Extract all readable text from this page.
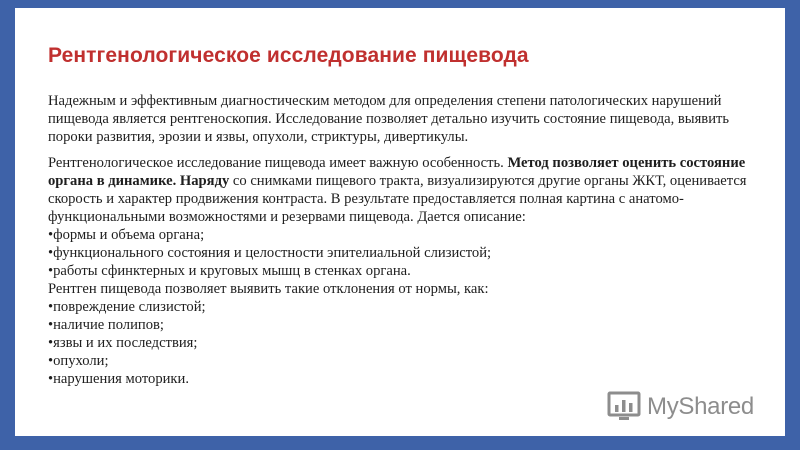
Рентгенологическое исследование пищевода

Надежным и эффективным диагностическим методом для определения степени патологических нарушений пищевода является рентгеноскопия. Исследование позволяет детально изучить состояние пищевода, выявить пороки развития, эрозии и язвы, опухоли, стриктуры, дивертикулы.

Рентгенологическое исследование пищевода имеет важную особенность. Метод позволяет оценить состояние органа в динамике. Наряду со снимками пищевого тракта, визуализируются другие органы ЖКТ, оценивается скорость и характер продвижения контраста. В результате предоставляется полная картина с анатомо-функциональными возможностями и резервами пищевода. Дается описание:

•формы и объема органа;

•функционального состояния и целостности эпителиальной слизистой;

•работы сфинктерных и круговых мышц в стенках органа.

Рентген пищевода позволяет выявить такие отклонения от нормы, как:

•повреждение слизистой;

•наличие полипов;

•язвы и их последствия;

•опухоли;

•нарушения моторики.

MyShared
